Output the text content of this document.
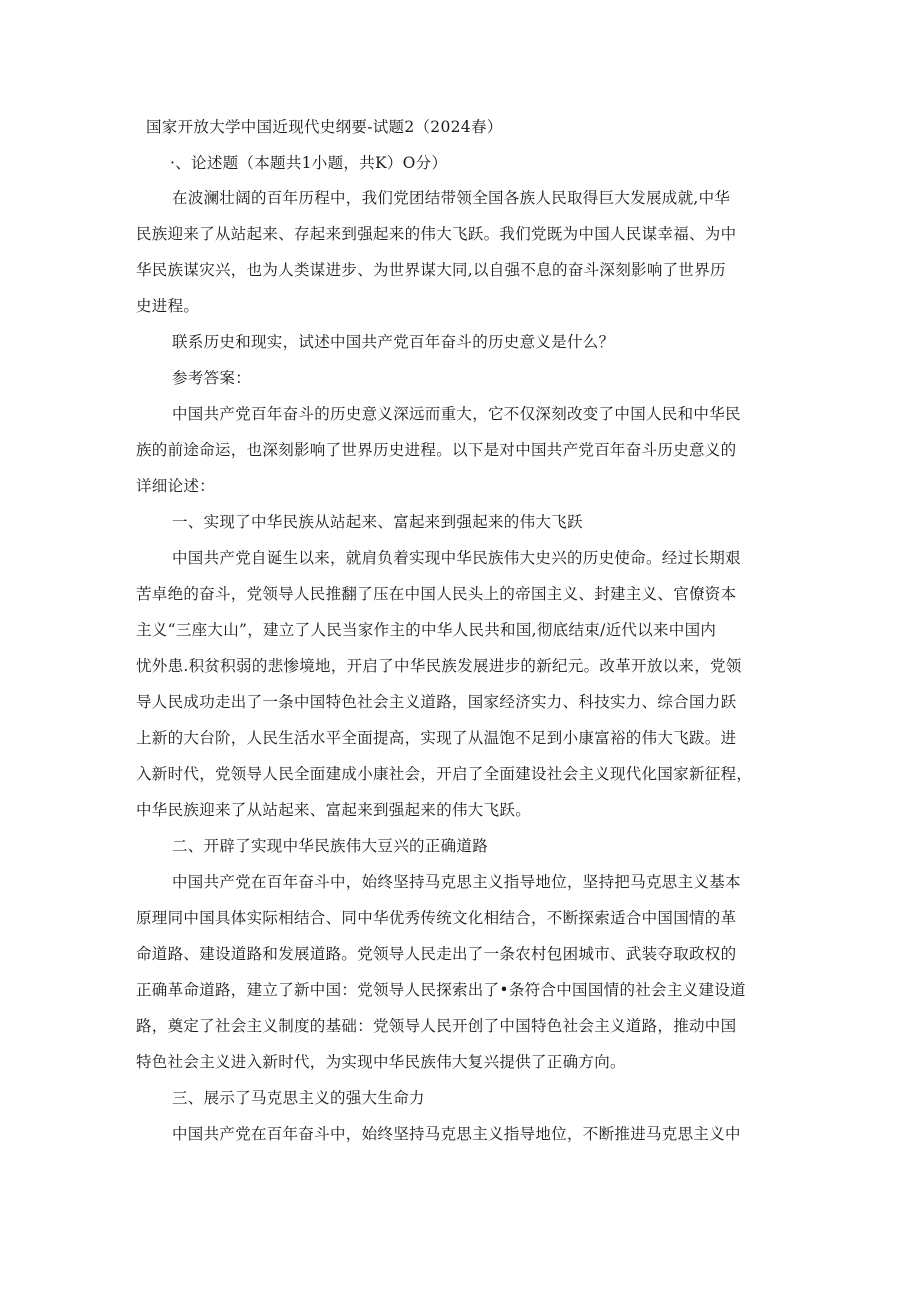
国家开放大学中国近现代史纲要-试题2（2024春）
·、论述题（本题共1小题，共K）O分）
在波澜壮阔的百年历程中，我们党团结带领全国各族人民取得巨大发展成就,中华
民族迎来了从站起来、存起来到强起来的伟大飞跃。我们党既为中国人民谋幸福、为中
华民族谋灾兴，也为人类谋进步、为世界谋大同,以自强不息的奋斗深刻影响了世界历
史进程。
联系历史和现实，试述中国共产党百年奋斗的历史意义是什么？
参考答案：
中国共产党百年奋斗的历史意义深远而重大，它不仅深刻改变了中国人民和中华民
族的前途命运，也深刻影响了世界历史进程。以下是对中国共产党百年奋斗历史意义的
详细论述：
一、实现了中华民族从站起来、富起来到强起来的伟大飞跃
中国共产党自诞生以来，就肩负着实现中华民族伟大史兴的历史使命。经过长期艰
苦卓绝的奋斗，党领导人民推翻了压在中国人民头上的帝国主义、封建主义、官僚资本
主义“三座大山”，建立了人民当家作主的中华人民共和国,彻底结束/近代以来中国内
忧外患.积贫积弱的悲惨境地，开启了中华民族发展进步的新纪元。改革开放以来，党领
导人民成功走出了一条中国特色社会主义道路，国家经济实力、科技实力、综合国力跃
上新的大台阶，人民生活水平全面提高，实现了从温饱不足到小康富裕的伟大飞跋。进
入新时代，党领导人民全面建成小康社会，开启了全面建设社会主义现代化国家新征程，
中华民族迎来了从站起来、富起来到强起来的伟大飞跃。
二、开辟了实现中华民族伟大豆兴的正确道路
中国共产党在百年奋斗中，始终坚持马克思主义指导地位，坚持把马克思主义基本
原理同中国具体实际相结合、同中华优秀传统文化相结合，不断探索适合中国国情的革
命道路、建设道路和发展道路。党领导人民走出了一条农村包困城市、武装夺取政权的
正确革命道路，建立了新中国：党领导人民探索出了•条符合中国国情的社会主义建设道
路，奠定了社会主义制度的基础：党领导人民开创了中国特色社会主义道路，推动中国
特色社会主义进入新时代，为实现中华民族伟大复兴提供了正确方向。
三、展示了马克思主义的强大生命力
中国共产党在百年奋斗中，始终坚持马克思主义指导地位，不断推进马克思主义中
